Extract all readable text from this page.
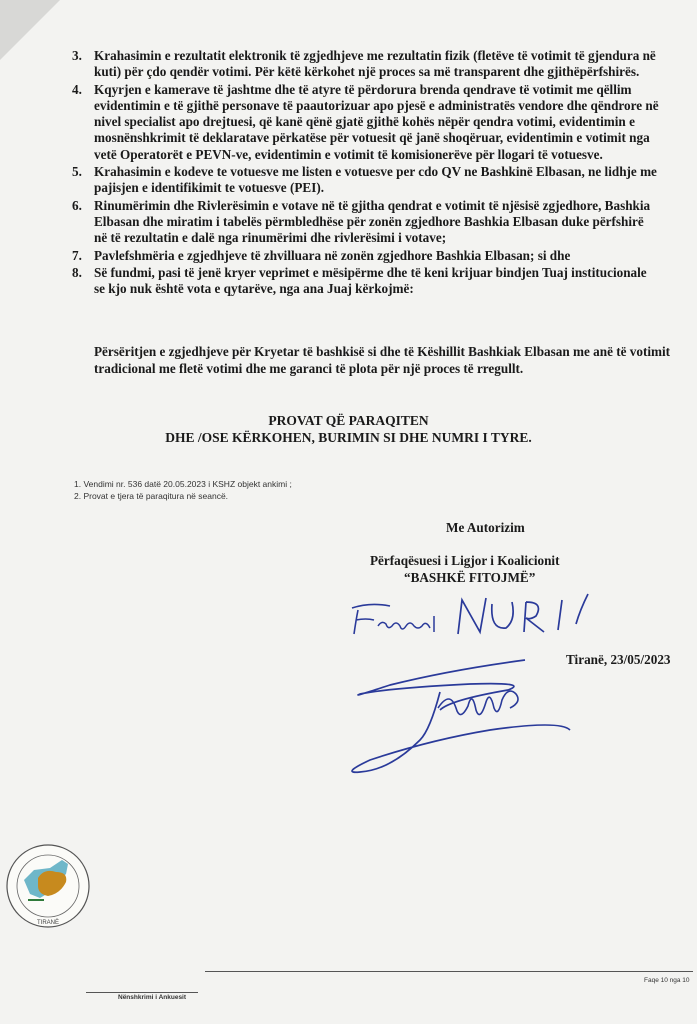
3. Krahasimin e rezultatit elektronik të zgjedhjeve me rezultatin fizik (fletëve të votimit të gjendura në kuti) për çdo qendër votimi. Për këtë kërkohet një proces sa më transparent dhe gjithëpërfshirës.
4. Kqyrjen e kamerave të jashtme dhe të atyre të përdorura brenda qendrave të votimit me qëllim evidentimin e të gjithë personave të paautorizuar apo pjesë e administratës vendore dhe qëndrore në nivel specialist apo drejtuesi, që kanë qënë gjatë gjithë kohës nëpër qendra votimi, evidentimin e mosnënshkrimit të deklaratave përkatëse për votuesit që janë shoqëruar, evidentimin e votimit nga vetë Operatorët e PEVN-ve, evidentimin e votimit të komisionerëve për llogari të votuesve.
5. Krahasimin e kodeve te votuesve me listen e votuesve per cdo QV ne Bashkinë Elbasan, ne lidhje me pajisjen e identifikimit te votuesve (PEI).
6. Rinumërimin dhe Rivlerësimin e votave në të gjitha qendrat e votimit të njësisë zgjedhore, Bashkia Elbasan dhe miratim i tabelës përmbledhëse për zonën zgjedhore Bashkia Elbasan duke përfshirë në të rezultatin e dalë nga rinumërimi dhe rivlerësimi i votave;
7. Pavlefshmëria e zgjedhjeve të zhvilluara në zonën zgjedhore Bashkia Elbasan; si dhe
8. Së fundmi, pasi të jenë kryer veprimet e mësipërme dhe të keni krijuar bindjen Tuaj institucionale se kjo nuk është vota e qytarëve, nga ana Juaj kërkojmë:

Përsëritjen e zgjedhjeve për Kryetar të bashkisë si dhe të Këshillit Bashkiak Elbasan me anë të votimit tradicional me fletë votimi dhe me garanci të plota për një proces të rregullt.

PROVAT QË PARAQITEN
DHE /OSE KËRKOHEN, BURIMIN SI DHE NUMRI I TYRE.
1. Vendimi nr. 536 datë 20.05.2023 i KSHZ objekt ankimi ;
2. Provat e tjera të paraqitura në seancë.
Me Autorizim
Përfaqësuesi i Ligjor i Koalicionit
“BASHKË FITOJMË”
Tiranë, 23/05/2023
TIRANË
Faqe 10 nga 10
Nënshkrimi i Ankuesit
